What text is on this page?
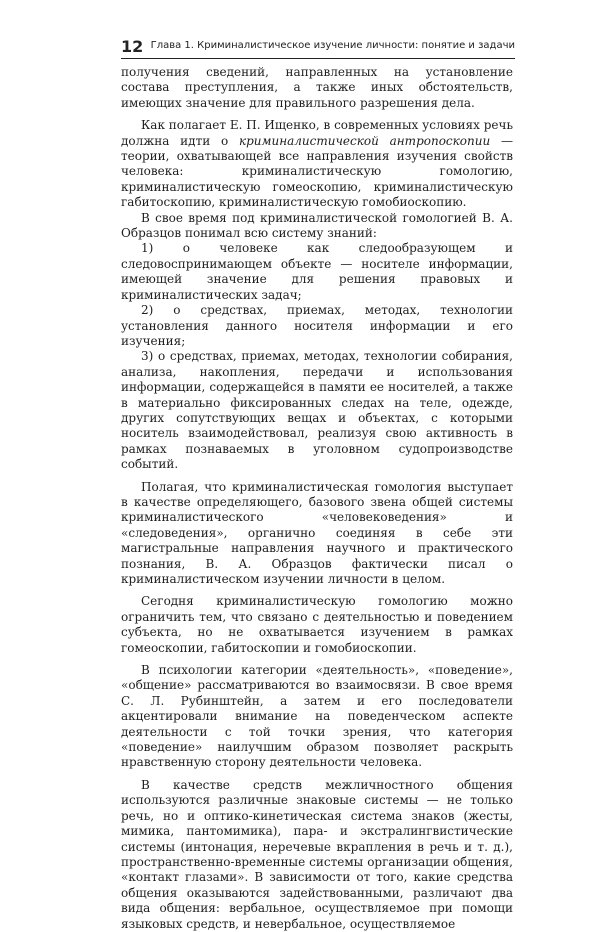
12 Глава 1. Криминалистическое изучение личности: понятие и задачи

получения сведений, направленных на установление состава преступления, а также иных обстоятельств, имеющих значение для правильного разрешения дела.

Как полагает Е. П. Ищенко, в современных условиях речь должна идти о криминалистической антропоскопии — теории, охватывающей все направления изучения свойств человека: криминалистическую гомологию, криминалистическую гомеоскопию, криминалистическую габитоскопию, криминалистическую гомобиоскопию.

В свое время под криминалистической гомологией В. А. Образцов понимал всю систему знаний:

1) о человеке как следообразующем и следовоспринимающем объекте — носителе информации, имеющей значение для решения правовых и криминалистических задач;

2) о средствах, приемах, методах, технологии установления данного носителя информации и его изучения;

3) о средствах, приемах, методах, технологии собирания, анализа, накопления, передачи и использования информации, содержащейся в памяти ее носителей, а также в материально фиксированных следах на теле, одежде, других сопутствующих вещах и объектах, с которыми носитель взаимодействовал, реализуя свою активность в рамках познаваемых в уголовном судопроизводстве событий.

Полагая, что криминалистическая гомология выступает в качестве определяющего, базового звена общей системы криминалистического «человековедения» и «следоведения», органично соединяя в себе эти магистральные направления научного и практического познания, В. А. Образцов фактически писал о криминалистическом изучении личности в целом.

Сегодня криминалистическую гомологию можно ограничить тем, что связано с деятельностью и поведением субъекта, но не охватывается изучением в рамках гомеоскопии, габитоскопии и гомобиоскопии.

В психологии категории «деятельность», «поведение», «общение» рассматриваются во взаимосвязи. В свое время С. Л. Рубинштейн, а затем и его последователи акцентировали внимание на поведенческом аспекте деятельности с той точки зрения, что категория «поведение» наилучшим образом позволяет раскрыть нравственную сторону деятельности человека.

В качестве средств межличностного общения используются различные знаковые системы — не только речь, но и оптико-кинетическая система знаков (жесты, мимика, пантомимика), пара- и экстралингвистические системы (интонация, неречевые вкрапления в речь и т. д.), пространственно-временные системы организации общения, «контакт глазами». В зависимости от того, какие средства общения оказываются задействованными, различают два вида общения: вербальное, осуществляемое при помощи языковых средств, и невербальное, осуществляемое
